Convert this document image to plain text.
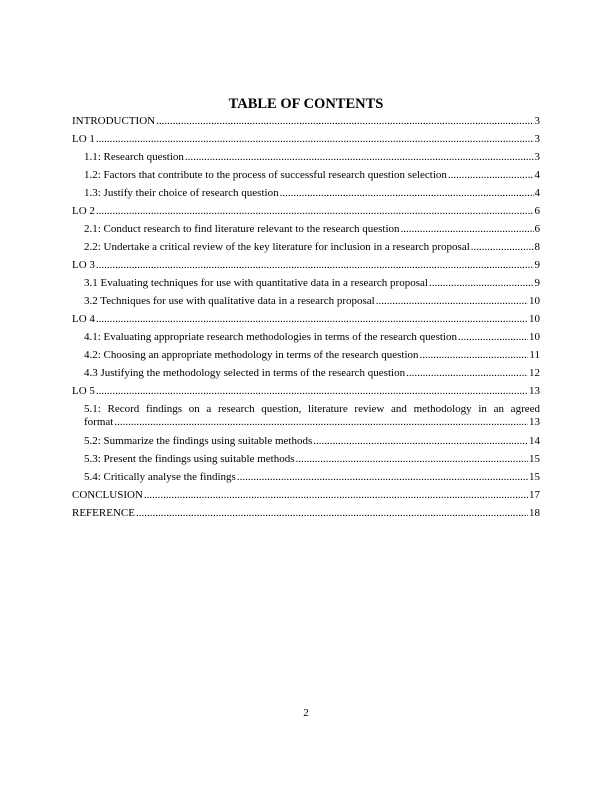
TABLE OF CONTENTS
INTRODUCTION .....	3
LO 1 .....	3
1.1: Research question .....	3
1.2: Factors that contribute to the process of successful research question selection .....	4
1.3: Justify their choice of research question .....	4
LO 2 .....	6
2.1: Conduct research to find literature relevant to the research question .....	6
2.2: Undertake a critical review of the key literature for inclusion in a research proposal .....	8
LO 3 .....	9
3.1 Evaluating techniques for use with quantitative data in a research proposal .....	9
3.2 Techniques for use with qualitative data in a research proposal .....	10
LO 4 .....	10
4.1: Evaluating appropriate research methodologies in terms of the research question .....	10
4.2: Choosing an appropriate methodology in terms of the research question .....	11
4.3 Justifying the methodology selected in terms of the research question .....	12
LO 5 .....	13
5.1: Record findings on a research question, literature review and methodology in an agreed
format .....	13
5.2: Summarize the findings using suitable methods .....	14
5.3: Present the findings using suitable methods .....	15
5.4: Critically analyse the findings .....	15
CONCLUSION .....	17
REFERENCE .....	18
2
